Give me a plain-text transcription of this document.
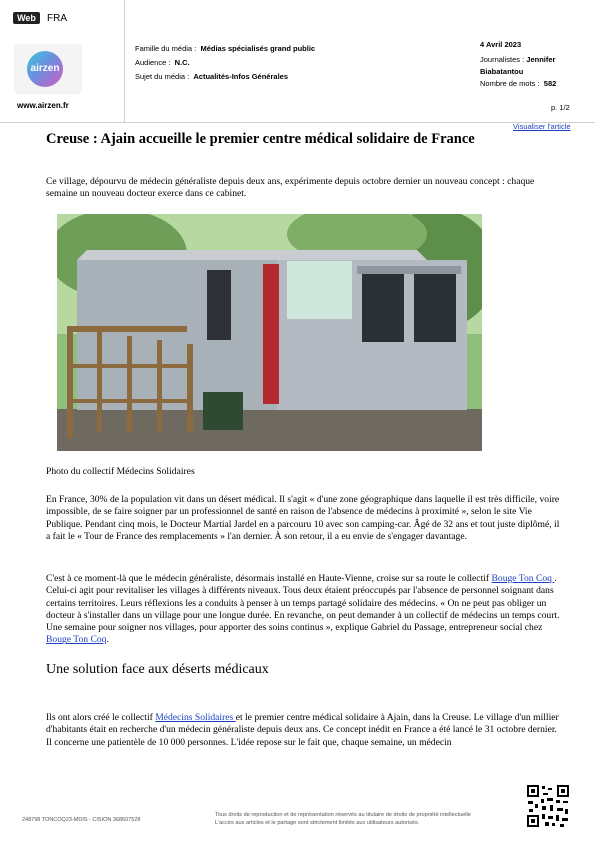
Web	FRA
airzen
www.airzen.fr
Famille du média : Médias spécialisés grand public
Audience : N.C.
Sujet du média : Actualités-Infos Générales
4 Avril 2023
Journalistes : Jennifer
Biabatantou
Nombre de mots : 582
p. 1/2
Visualiser l'article
Creuse : Ajain accueille le premier centre médical solidaire de France
Ce village, dépourvu de médecin généraliste depuis deux ans, expérimente depuis octobre dernier un nouveau concept : chaque semaine un nouveau docteur exerce dans ce cabinet.
Photo du collectif Médecins Solidaires
En France, 30% de la population vit dans un désert médical. Il s'agit « d'une zone géographique dans laquelle il est très difficile, voire impossible, de se faire soigner par un professionnel de santé en raison de l'absence de médecins à proximité », selon le site Vie Publique. Pendant cinq mois, le Docteur Martial Jardel en a parcouru 10 avec son camping-car. Âgé de 32 ans et tout juste diplômé, il a fait le « Tour de France des remplacements » l'an dernier. À son retour, il a eu envie de s'engager davantage.
C'est à ce moment-là que le médecin généraliste, désormais installé en Haute-Vienne, croise sur sa route le collectif Bouge Ton Coq . Celui-ci agit pour revitaliser les villages à différents niveaux. Tous deux étaient préoccupés par l'absence de personnel soignant dans certains territoires. Leurs réflexions les a conduits à penser à un temps partagé solidaire des médecins. « On ne peut pas obliger un docteur à s'installer dans un village pour une longue durée. En revanche, on peut demander à un collectif de médecins un temps court. Une semaine pour soigner nos villages, pour apporter des soins continus », explique Gabriel du Passage, entrepreneur social chez Bouge Ton Coq.
Une solution face aux déserts médicaux
Ils ont alors créé le collectif Médecins Solidaires et le premier centre médical solidaire à Ajain, dans la Creuse. Le village d'un millier d'habitants était en recherche d'un médecin généraliste depuis deux ans. Ce concept inédit en France a été lancé le 31 octobre dernier. Il concerne une patientèle de 10 000 personnes. L'idée repose sur le fait que, chaque semaine, un médecin
248798 TONCOQ23-MDIS - CISION 368607528
Tous droits de reproduction et de représentation réservés au titulaire de droits de propriété intellectuelle
L'accès aux articles et le partage sont strictement limités aux utilisateurs autorisés.
